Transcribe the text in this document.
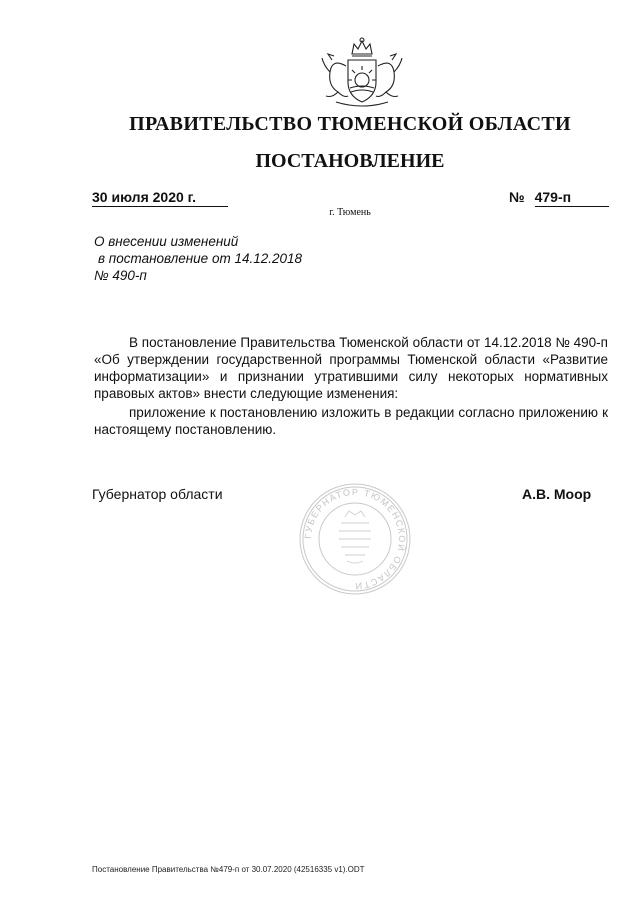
ПРАВИТЕЛЬСТВО ТЮМЕНСКОЙ ОБЛАСТИ
ПОСТАНОВЛЕНИЕ
30 июля 2020 г.	№ 479-п
г. Тюмень
О внесении изменений
в постановление от 14.12.2018
№ 490-п
В постановление Правительства Тюменской области от 14.12.2018 № 490-п «Об утверждении государственной программы Тюменской области «Развитие информатизации» и признании утратившими силу некоторых нормативных правовых актов» внести следующие изменения:
приложение к постановлению изложить в редакции согласно приложению к настоящему постановлению.
Губернатор области
ГУБЕРНАТОР ТЮМЕНСКОЙ ОБЛАСТИ
А.В. Моор
Постановление Правительства №479-п от 30.07.2020 (42516335 v1).ODT
